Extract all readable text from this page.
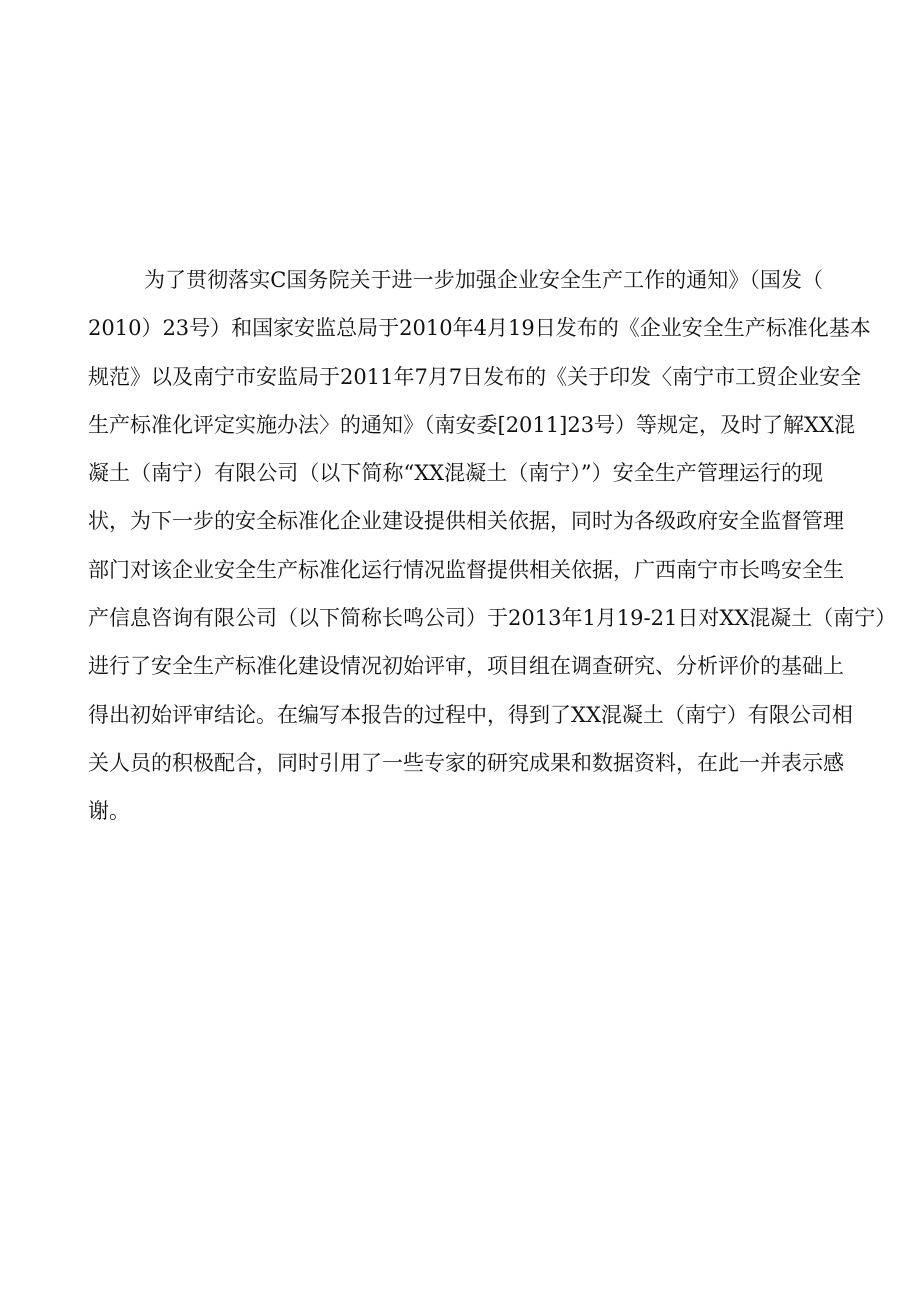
为了贯彻落实C国务院关于进一步加强企业安全生产工作的通知》（国发（
2010）23号）和国家安监总局于2010年4月19日发布的《企业安全生产标准化基本
规范》以及南宁市安监局于2011年7月7日发布的《关于印发〈南宁市工贸企业安全
生产标准化评定实施办法〉的通知》（南安委[2011]23号）等规定，及时了解XX混
凝土（南宁）有限公司（以下简称“XX混凝土（南宁）”）安全生产管理运行的现
状，为下一步的安全标准化企业建设提供相关依据，同时为各级政府安全监督管理
部门对该企业安全生产标准化运行情况监督提供相关依据，广西南宁市长鸣安全生
产信息咨询有限公司（以下简称长鸣公司）于2013年1月19-21日对XX混凝土（南宁）
进行了安全生产标准化建设情况初始评审，项目组在调查研究、分析评价的基础上
得出初始评审结论。在编写本报告的过程中，得到了XX混凝土（南宁）有限公司相
关人员的积极配合，同时引用了一些专家的研究成果和数据资料，在此一并表示感
谢。
